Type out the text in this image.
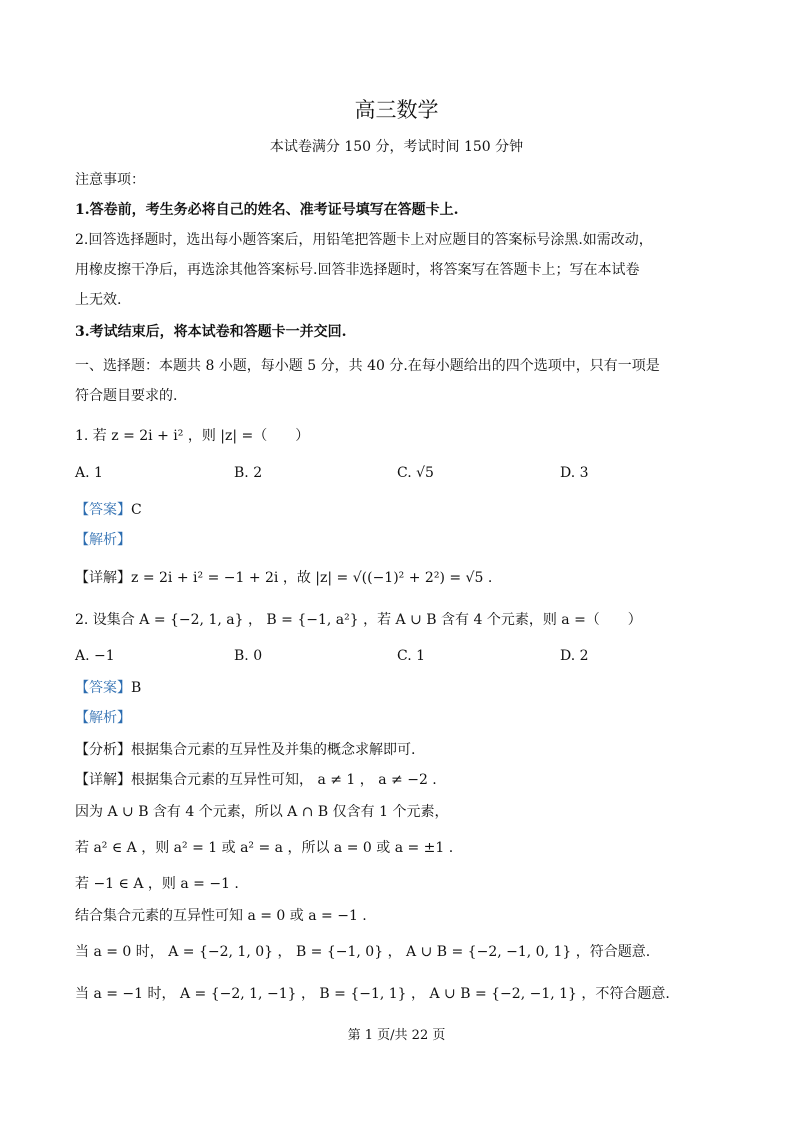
高三数学
本试卷满分 150 分，考试时间 150 分钟
注意事项：
1.答卷前，考生务必将自己的姓名、准考证号填写在答题卡上.
2.回答选择题时，选出每小题答案后，用铅笔把答题卡上对应题目的答案标号涂黑.如需改动，
用橡皮擦干净后，再选涂其他答案标号.回答非选择题时，将答案写在答题卡上；写在本试卷
上无效.
3.考试结束后，将本试卷和答题卡一并交回.
一、选择题：本题共 8 小题，每小题 5 分，共 40 分.在每小题给出的四个选项中，只有一项是
符合题目要求的.
1. 若 z = 2i + i² ，则 |z| =（　　）
A. 1	B. 2	C. √5	D. 3
【答案】C
【解析】
【详解】z = 2i + i² = −1 + 2i ，故 |z| = √((−1)² + 2²) = √5 .
2. 设集合 A = {−2, 1, a} ， B = {−1, a²} ，若 A ∪ B 含有 4 个元素，则 a =（　　）
A. −1	B. 0	C. 1	D. 2
【答案】B
【解析】
【分析】根据集合元素的互异性及并集的概念求解即可.
【详解】根据集合元素的互异性可知， a ≠ 1 ， a ≠ −2 .
因为 A ∪ B 含有 4 个元素，所以 A ∩ B 仅含有 1 个元素，
若 a² ∈ A ，则 a² = 1 或 a² = a ，所以 a = 0 或 a = ±1 .
若 −1 ∈ A ，则 a = −1 .
结合集合元素的互异性可知 a = 0 或 a = −1 .
当 a = 0 时， A = {−2, 1, 0} ， B = {−1, 0} ， A ∪ B = {−2, −1, 0, 1} ，符合题意.
当 a = −1 时， A = {−2, 1, −1} ， B = {−1, 1} ， A ∪ B = {−2, −1, 1} ，不符合题意.
第 1 页/共 22 页
